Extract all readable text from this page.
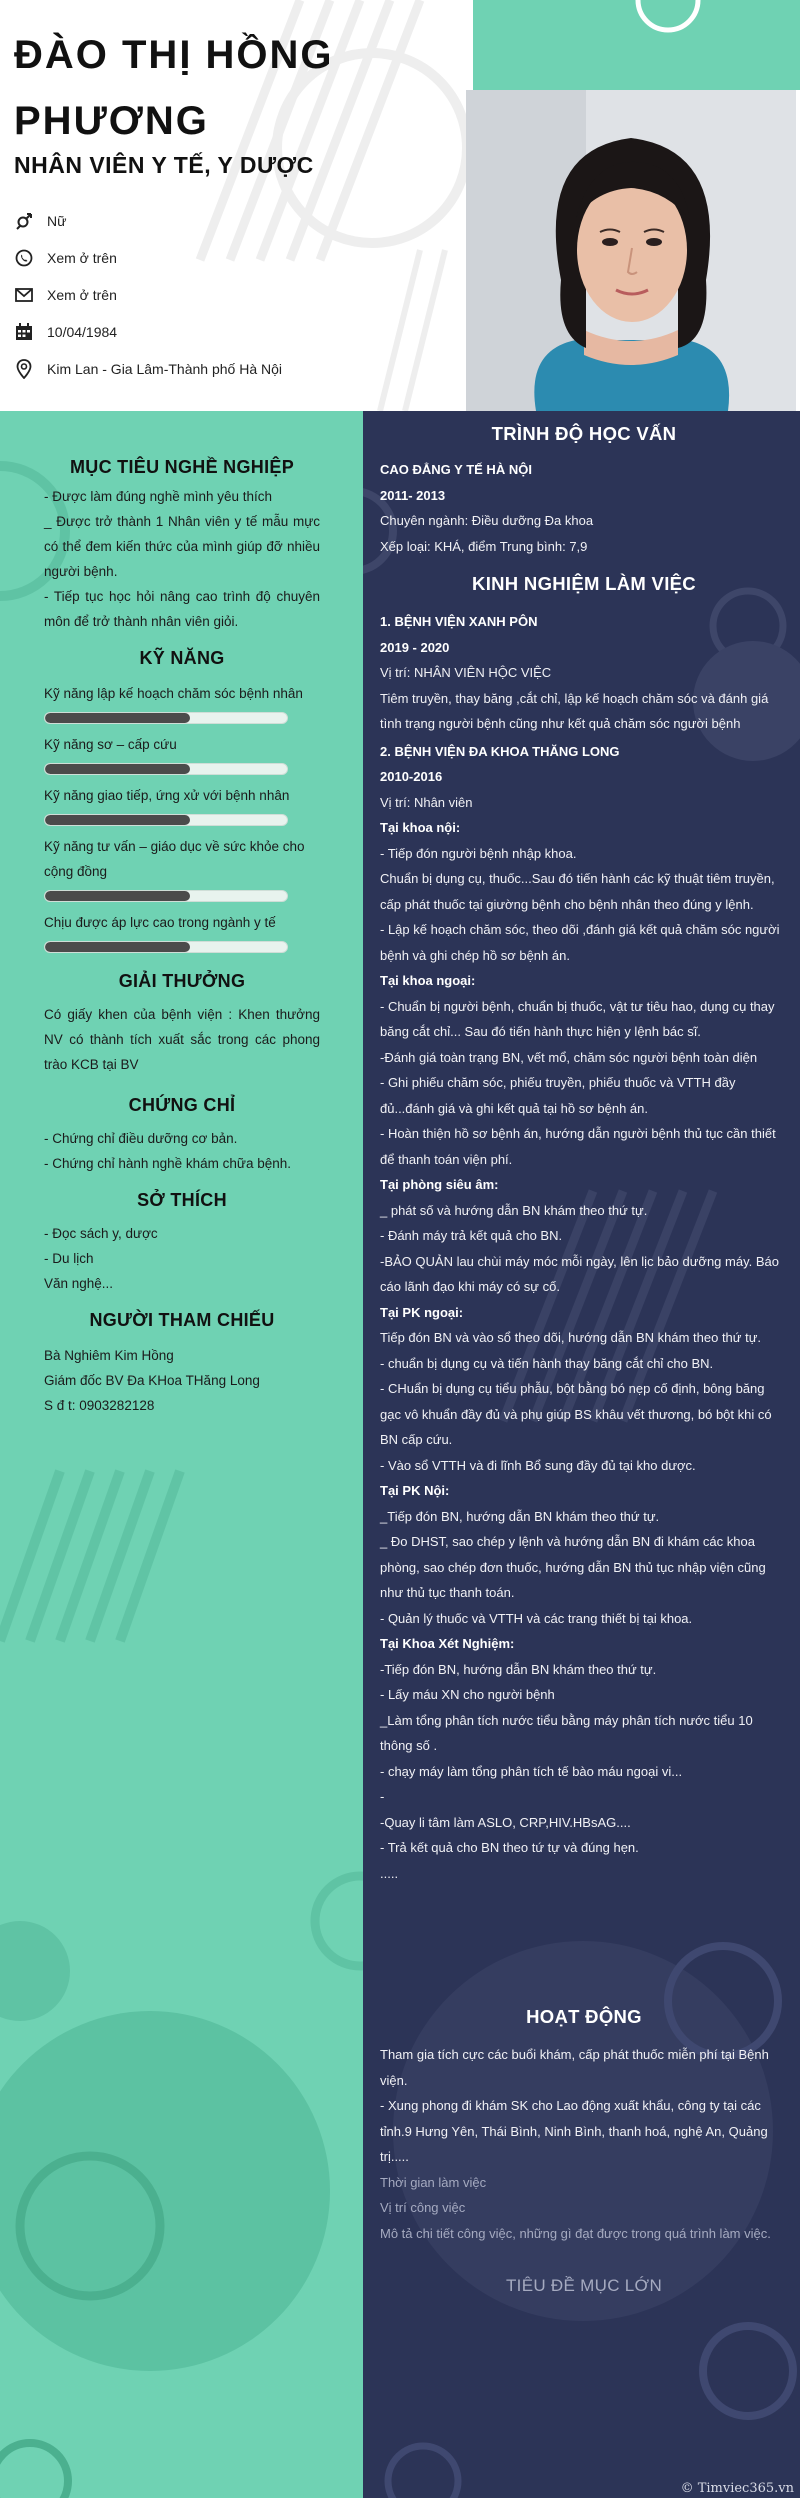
ĐÀO THỊ HỒNG PHƯƠNG
NHÂN VIÊN Y TẾ, Y DƯỢC
Nữ
Xem ở trên
Xem ở trên
10/04/1984
Kim Lan - Gia Lâm-Thành phố Hà Nội
MỤC TIÊU NGHỀ NGHIỆP
- Được làm đúng nghề mình yêu thích
_ Được trở thành 1 Nhân viên y tế mẫu mực có thể đem kiến thức của mình giúp đỡ nhiều người bệnh.
- Tiếp tục học hỏi nâng cao trình độ chuyên môn để trở thành nhân viên giỏi.
KỸ NĂNG
Kỹ năng lập kế hoạch chăm sóc bệnh nhân
Kỹ năng sơ – cấp cứu
Kỹ năng giao tiếp, ứng xử với bệnh nhân
Kỹ năng tư vấn – giáo dục về sức khỏe cho cộng đồng
Chịu được áp lực cao trong ngành y tế
GIẢI THƯỞNG
Có giấy khen của bệnh viện : Khen thưởng NV có thành tích xuất sắc trong các phong trào KCB tại BV
CHỨNG CHỈ
- Chứng chỉ điều dưỡng cơ bản.
- Chứng chỉ hành nghề khám chữa bệnh.
SỞ THÍCH
- Đọc sách y, dược
- Du lịch
Văn nghệ...
NGƯỜI THAM CHIẾU
Bà Nghiêm Kim Hồng
Giám đốc BV Đa KHoa THăng Long
S đ t: 0903282128
TRÌNH ĐỘ HỌC VẤN
CAO ĐẲNG Y TẾ HÀ NỘI
2011- 2013
Chuyên ngành: Điều dưỡng Đa khoa
Xếp loại: KHÁ, điểm Trung bình: 7,9
KINH NGHIỆM LÀM VIỆC
1. BỆNH VIỆN XANH PÔN
2019 - 2020
Vị trí: NHÂN VIÊN HỘC VIỆC
Tiêm truyền, thay băng ,cắt chỉ, lập kế hoạch chăm sóc và đánh giá tình trạng người bệnh cũng như kết quả chăm sóc người bệnh
2. BỆNH VIỆN ĐA KHOA THĂNG LONG
2010-2016
Vị trí: Nhân viên
Tại khoa nội:
- Tiếp đón người bệnh nhập khoa.
Chuẩn bị dụng cụ, thuốc...Sau đó tiến hành các kỹ thuật tiêm truyền, cấp phát thuốc tại giường bệnh cho bệnh nhân theo đúng y lệnh.
- Lập kế hoạch chăm sóc, theo dõi ,đánh giá kết quả chăm sóc người bệnh và ghi chép hồ sơ bệnh án.
Tại khoa ngoại:
- Chuẩn bị người bệnh, chuẩn bị thuốc, vật tư tiêu hao, dụng cụ thay băng cắt chỉ... Sau đó tiến hành thực hiện y lệnh bác sĩ.
-Đánh giá toàn trạng BN, vết mổ, chăm sóc người bệnh toàn diện
- Ghi phiếu chăm sóc, phiếu truyền, phiếu thuốc và VTTH đầy đủ...đánh giá và ghi kết quả tại hồ sơ bệnh án.
- Hoàn thiện hồ sơ bệnh án, hướng dẫn người bệnh thủ tục cần thiết để thanh toán viện phí.
Tại phòng siêu âm:
_ phát số và hướng dẫn BN khám theo thứ tự.
- Đánh máy trả kết quả cho BN.
-BẢO QUẢN lau chùi máy móc mỗi ngày, lên lịc bảo dưỡng máy. Báo cáo lãnh đạo khi máy có sự cố.
Tại PK ngoại:
Tiếp đón BN và vào sổ theo dõi, hướng dẫn BN khám theo thứ tự.
- chuẩn bị dụng cụ và tiến hành thay băng cắt chỉ cho BN.
- CHuẩn bị dụng cụ tiểu phẫu, bột bằng bó nẹp cố định, bông băng gạc vô khuẩn đầy đủ và phụ giúp BS khâu vết thương, bó bột khi có BN cấp cứu.
- Vào sổ VTTH và đi lĩnh Bổ sung đầy đủ tại kho dược.
Tại PK Nội:
_Tiếp đón BN, hướng dẫn BN khám theo thứ tự.
_ Đo DHST, sao chép y lệnh và hướng dẫn BN đi khám các khoa phòng, sao chép đơn thuốc, hướng dẫn BN thủ tục nhập viện cũng như thủ tục thanh toán.
- Quản lý thuốc và VTTH và các trang thiết bị tại khoa.
Tại Khoa Xét Nghiệm:
-Tiếp đón BN, hướng dẫn BN khám theo thứ tự.
- Lấy máu XN cho người bệnh
_Làm tổng phân tích nước tiểu bằng máy phân tích nước tiểu 10 thông số .
- chạy máy làm tổng phân tích tế bào máu ngoại vi...
-
-Quay li tâm làm ASLO, CRP,HIV.HBsAG....
- Trả kết quả cho BN theo tứ tự và đúng hẹn.
.....
HOẠT ĐỘNG
Tham gia tích cực các buổi khám, cấp phát thuốc miễn phí tại Bệnh viện.
- Xung phong đi khám SK cho Lao động xuất khẩu, công ty tại các tỉnh.9 Hưng Yên, Thái Bình, Ninh Bình, thanh hoá, nghệ An, Quảng trị.....
Thời gian làm việc
Vị trí công việc
Mô tả chi tiết công việc, những gì đạt được trong quá trình làm việc.
TIÊU ĐỀ MỤC LỚN
© Timviec365.vn
